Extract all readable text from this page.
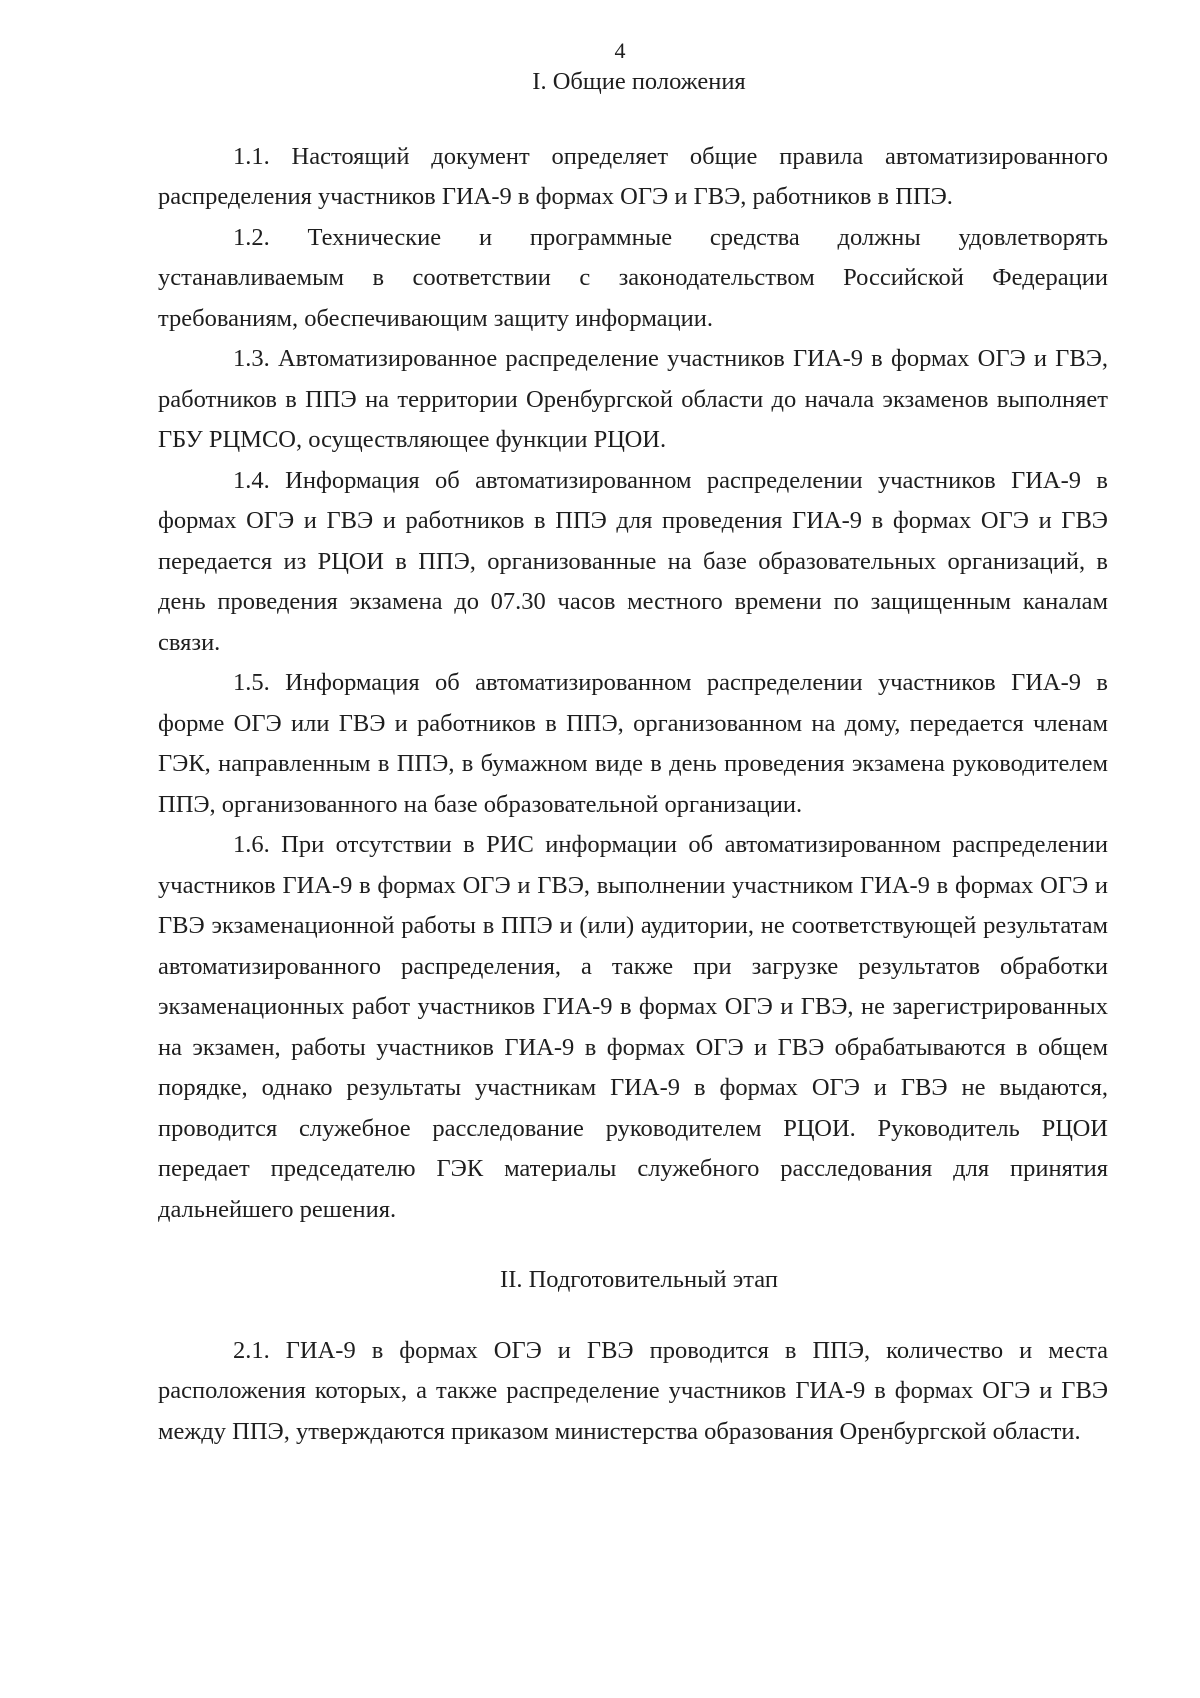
4
I. Общие положения

1.1. Настоящий документ определяет общие правила автоматизированного распределения участников ГИА-9 в формах ОГЭ и ГВЭ, работников в ППЭ.

1.2. Технические и программные средства должны удовлетворять устанавливаемым в соответствии с законодательством Российской Федерации требованиям, обеспечивающим защиту информации.

1.3. Автоматизированное распределение участников ГИА-9 в формах ОГЭ и ГВЭ, работников в ППЭ на территории Оренбургской области до начала экзаменов выполняет ГБУ РЦМСО, осуществляющее функции РЦОИ.

1.4. Информация об автоматизированном распределении участников ГИА-9 в формах ОГЭ и ГВЭ и работников в ППЭ для проведения ГИА-9 в формах ОГЭ и ГВЭ передается из РЦОИ в ППЭ, организованные на базе образовательных организаций, в день проведения экзамена до 07.30 часов местного времени по защищенным каналам связи.

1.5. Информация об автоматизированном распределении участников ГИА-9 в форме ОГЭ или ГВЭ и работников в ППЭ, организованном на дому, передается членам ГЭК, направленным в ППЭ, в бумажном виде в день проведения экзамена руководителем ППЭ, организованного на базе образовательной организации.

1.6. При отсутствии в РИС информации об автоматизированном распределении участников ГИА-9 в формах ОГЭ и ГВЭ, выполнении участником ГИА-9 в формах ОГЭ и ГВЭ экзаменационной работы в ППЭ и (или) аудитории, не соответствующей результатам автоматизированного распределения, а также при загрузке результатов обработки экзаменационных работ участников ГИА-9 в формах ОГЭ и ГВЭ, не зарегистрированных на экзамен, работы участников ГИА-9 в формах ОГЭ и ГВЭ обрабатываются в общем порядке, однако результаты участникам ГИА-9 в формах ОГЭ и ГВЭ не выдаются, проводится служебное расследование руководителем РЦОИ. Руководитель РЦОИ передает председателю ГЭК материалы служебного расследования для принятия дальнейшего решения.

II. Подготовительный этап

2.1. ГИА-9 в формах ОГЭ и ГВЭ проводится в ППЭ, количество и места расположения которых, а также распределение участников ГИА-9 в формах ОГЭ и ГВЭ между ППЭ, утверждаются приказом министерства образования Оренбургской области.
